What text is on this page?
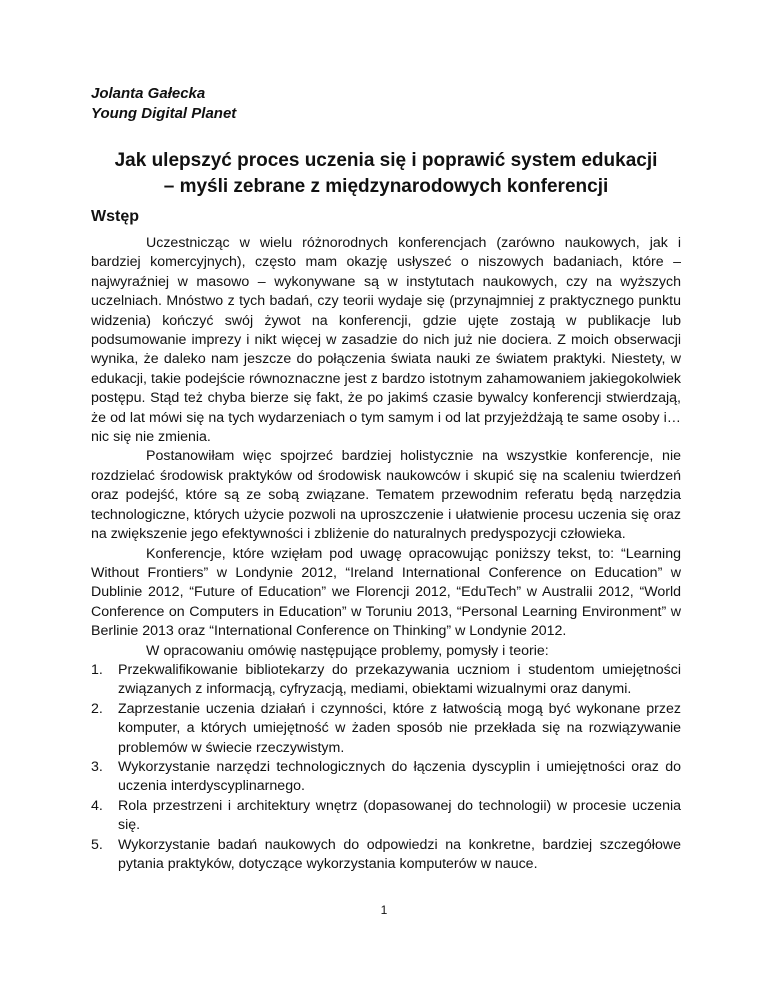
Jolanta Gałecka
Young Digital Planet
Jak ulepszyć proces uczenia się i poprawić system edukacji
– myśli zebrane z międzynarodowych konferencji
Wstęp

Uczestnicząc w wielu różnorodnych konferencjach (zarówno naukowych, jak i bardziej komercyjnych), często mam okazję usłyszeć o niszowych badaniach, które – najwyraźniej w masowo – wykonywane są w instytutach naukowych, czy na wyższych uczelniach. Mnóstwo z tych badań, czy teorii wydaje się (przynajmniej z praktycznego punktu widzenia) kończyć swój żywot na konferencji, gdzie ujęte zostają w publikacje lub podsumowanie imprezy i nikt więcej w zasadzie do nich już nie dociera. Z moich obserwacji wynika, że daleko nam jeszcze do połączenia świata nauki ze światem praktyki. Niestety, w edukacji, takie podejście równoznaczne jest z bardzo istotnym zahamowaniem jakiegokolwiek postępu. Stąd też chyba bierze się fakt, że po jakimś czasie bywalcy konferencji stwierdzają, że od lat mówi się na tych wydarzeniach o tym samym i od lat przyjeżdżają te same osoby i… nic się nie zmienia.

Postanowiłam więc spojrzeć bardziej holistycznie na wszystkie konferencje, nie rozdzielać środowisk praktyków od środowisk naukowców i skupić się na scaleniu twierdzeń oraz podejść, które są ze sobą związane. Tematem przewodnim referatu będą narzędzia technologiczne, których użycie pozwoli na uproszczenie i ułatwienie procesu uczenia się oraz na zwiększenie jego efektywności i zbliżenie do naturalnych predyspozycji człowieka.

Konferencje, które wzięłam pod uwagę opracowując poniższy tekst, to: “Learning Without Frontiers” w Londynie 2012, “Ireland International Conference on Education” w Dublinie 2012, “Future of Education” we Florencji 2012, “EduTech” w Australii 2012, “World Conference on Computers in Education” w Toruniu 2013, “Personal Learning Environment” w Berlinie 2013 oraz “International Conference on Thinking” w Londynie 2012.

W opracowaniu omówię następujące problemy, pomysły i teorie:

1. Przekwalifikowanie bibliotekarzy do przekazywania uczniom i studentom umiejętności związanych z informacją, cyfryzacją, mediami, obiektami wizualnymi oraz danymi.
2. Zaprzestanie uczenia działań i czynności, które z łatwością mogą być wykonane przez komputer, a których umiejętność w żaden sposób nie przekłada się na rozwiązywanie problemów w świecie rzeczywistym.
3. Wykorzystanie narzędzi technologicznych do łączenia dyscyplin i umiejętności oraz do uczenia interdyscyplinarnego.
4. Rola przestrzeni i architektury wnętrz (dopasowanej do technologii) w procesie uczenia się.
5. Wykorzystanie badań naukowych do odpowiedzi na konkretne, bardziej szczegółowe pytania praktyków, dotyczące wykorzystania komputerów w nauce.
1
